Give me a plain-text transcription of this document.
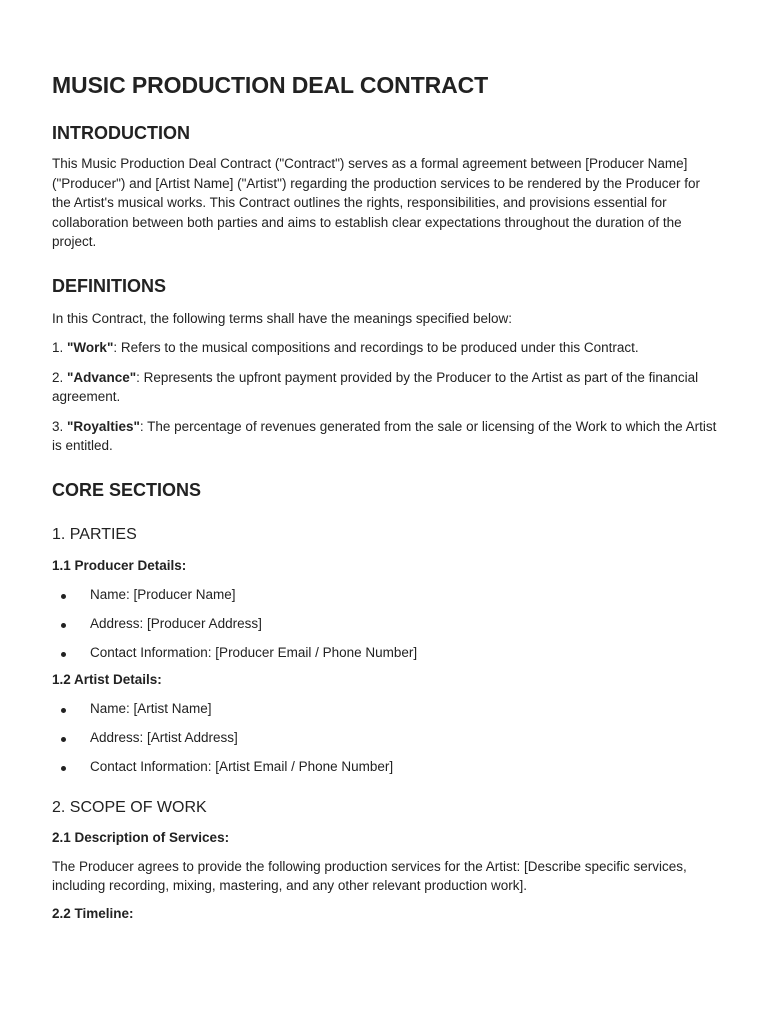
MUSIC PRODUCTION DEAL CONTRACT
INTRODUCTION

This Music Production Deal Contract ("Contract") serves as a formal agreement between [Producer Name] ("Producer") and [Artist Name] ("Artist") regarding the production services to be rendered by the Producer for the Artist's musical works. This Contract outlines the rights, responsibilities, and provisions essential for collaboration between both parties and aims to establish clear expectations throughout the duration of the project.

DEFINITIONS

In this Contract, the following terms shall have the meanings specified below:

1. "Work": Refers to the musical compositions and recordings to be produced under this Contract.

2. "Advance": Represents the upfront payment provided by the Producer to the Artist as part of the financial agreement.

3. "Royalties": The percentage of revenues generated from the sale or licensing of the Work to which the Artist is entitled.

CORE SECTIONS
1. PARTIES

1.1 Producer Details:

Name: [Producer Name]
Address: [Producer Address]
Contact Information: [Producer Email / Phone Number]

1.2 Artist Details:

Name: [Artist Name]
Address: [Artist Address]
Contact Information: [Artist Email / Phone Number]
2. SCOPE OF WORK

2.1 Description of Services:

The Producer agrees to provide the following production services for the Artist: [Describe specific services, including recording, mixing, mastering, and any other relevant production work].

2.2 Timeline:
